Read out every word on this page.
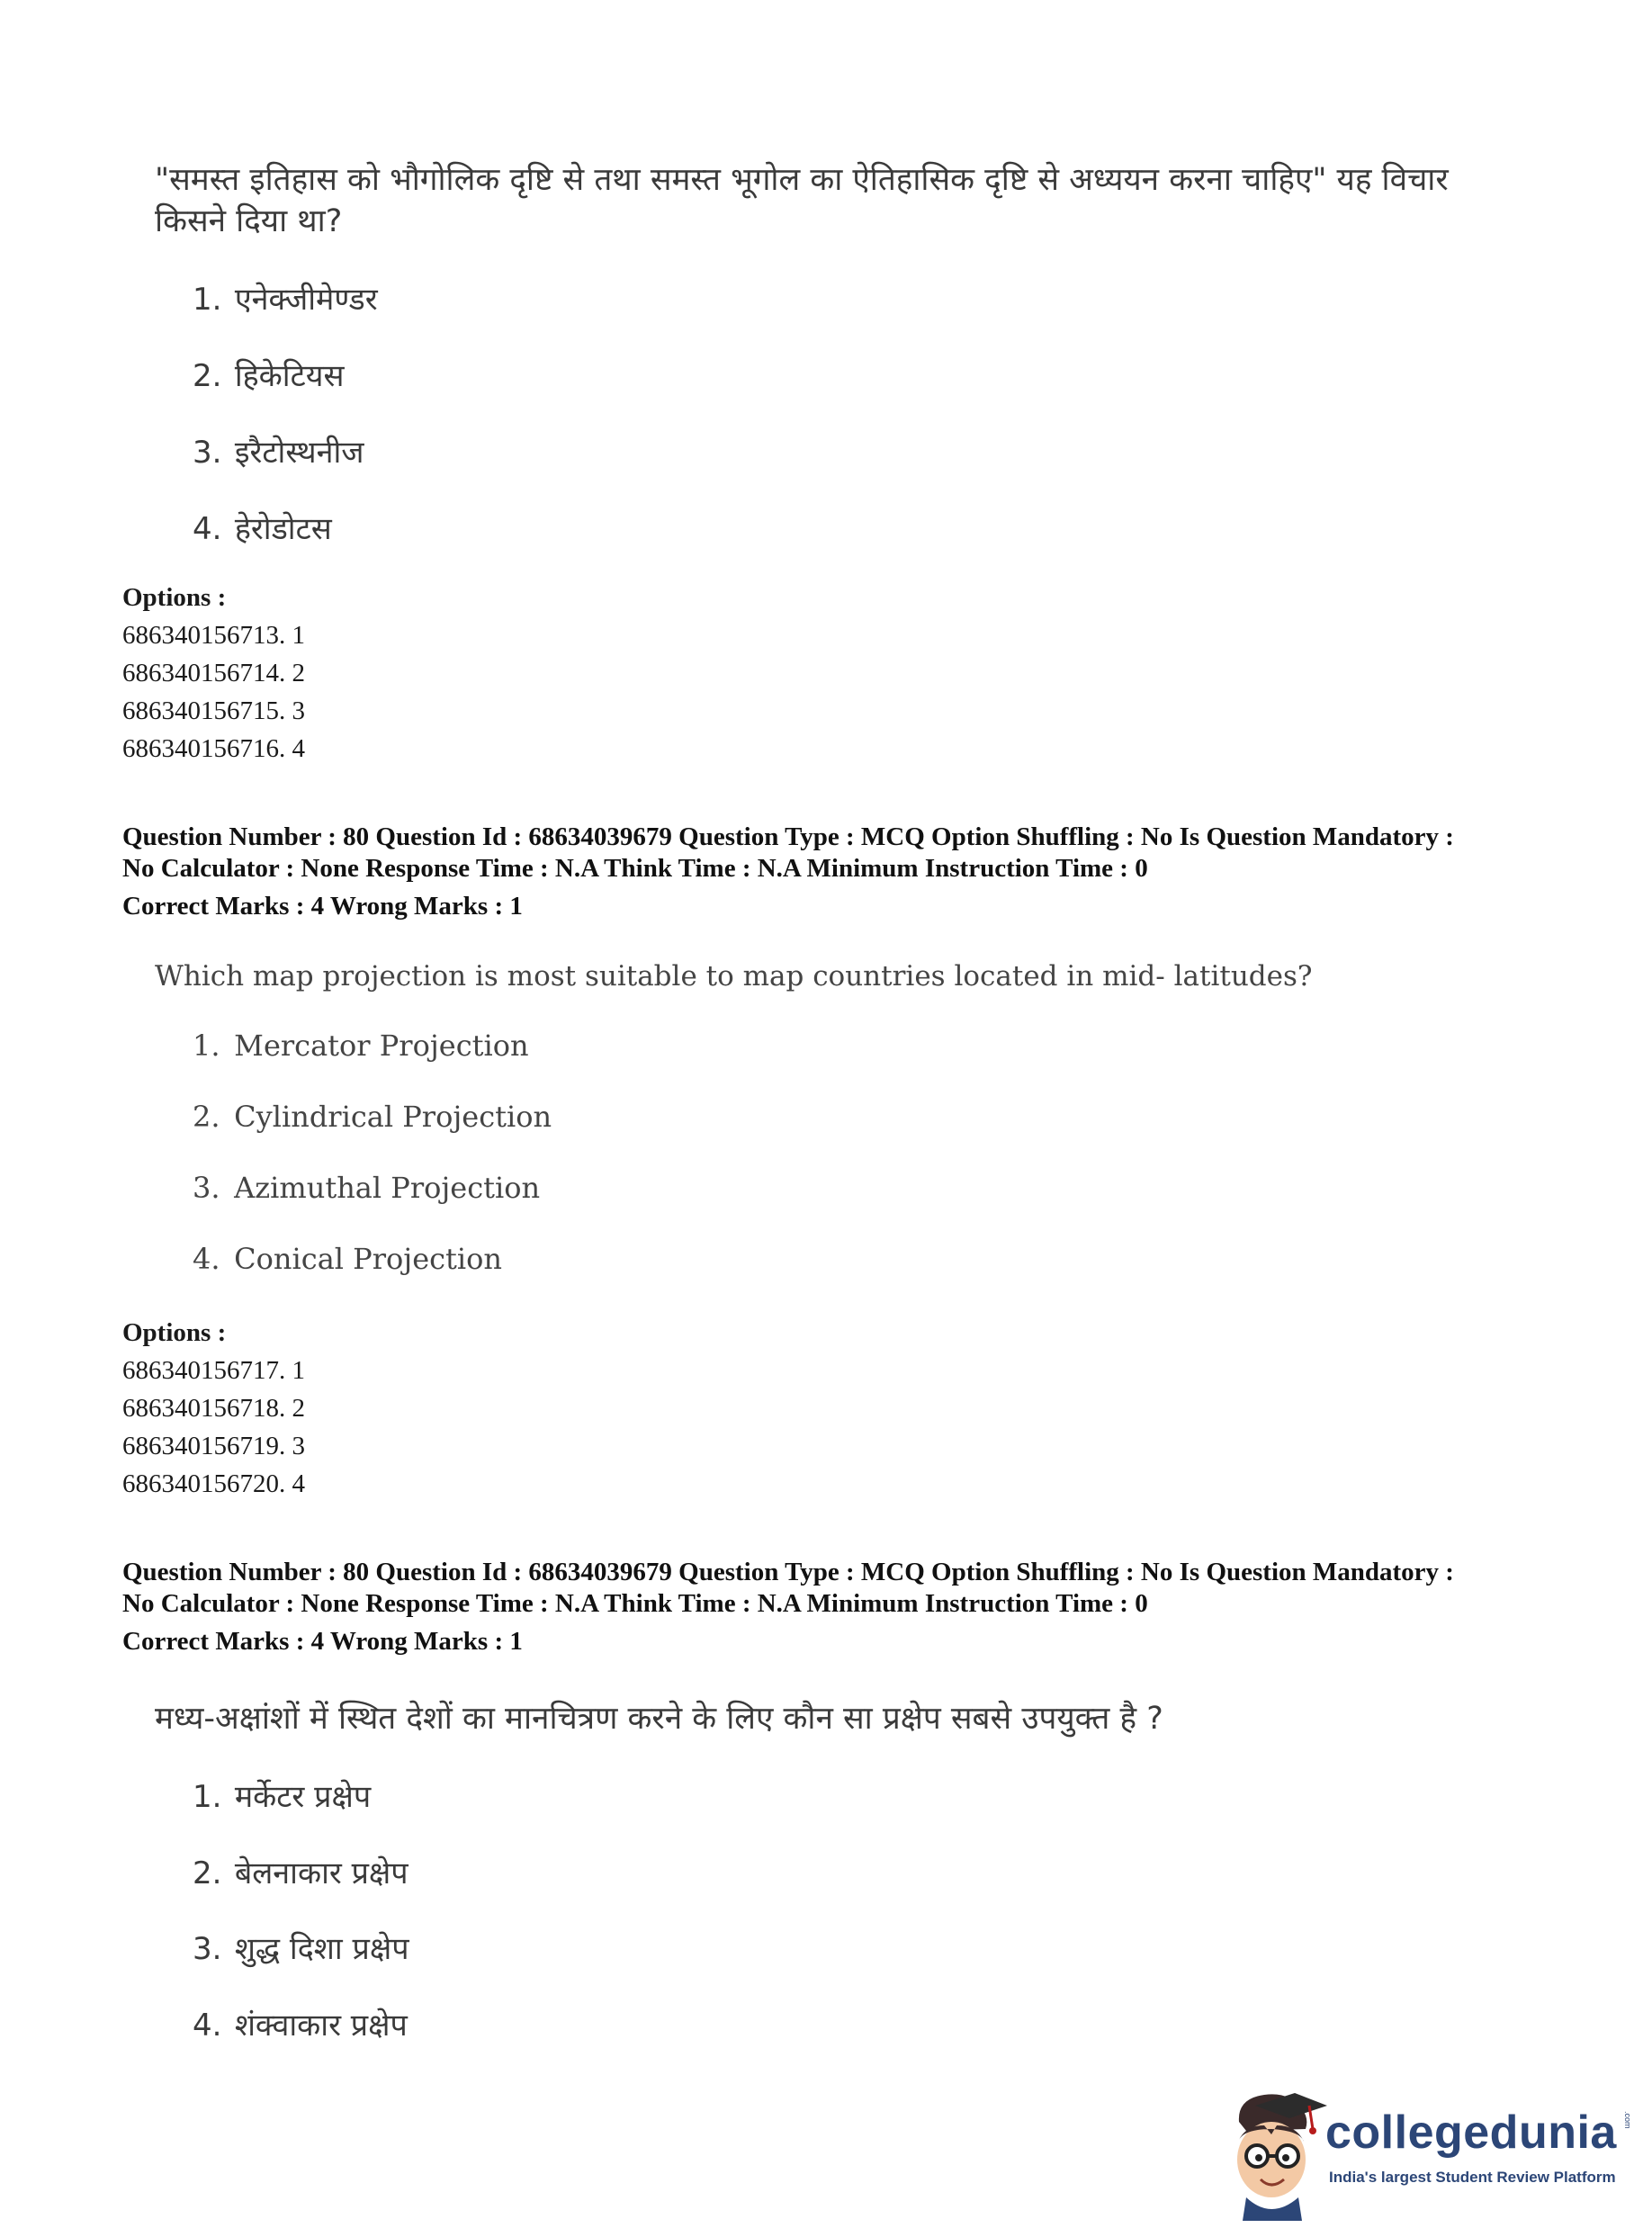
"समस्त इतिहास को भौगोलिक दृष्टि से तथा समस्त भूगोल का ऐतिहासिक दृष्टि से अध्ययन करना चाहिए" यह विचार
किसने दिया था?
1. एनेक्जीमेण्डर
2. हिकेटियस
3. इरैटोस्थनीज
4. हेरोडोटस
Options :
686340156713. 1
686340156714. 2
686340156715. 3
686340156716. 4
Question Number : 80 Question Id : 68634039679 Question Type : MCQ Option Shuffling : No Is Question Mandatory :
No Calculator : None Response Time : N.A Think Time : N.A Minimum Instruction Time : 0
Correct Marks : 4 Wrong Marks : 1
Which map projection is most suitable to map countries located in mid- latitudes?
1. Mercator Projection
2. Cylindrical Projection
3. Azimuthal Projection
4. Conical Projection
Options :
686340156717. 1
686340156718. 2
686340156719. 3
686340156720. 4
Question Number : 80 Question Id : 68634039679 Question Type : MCQ Option Shuffling : No Is Question Mandatory :
No Calculator : None Response Time : N.A Think Time : N.A Minimum Instruction Time : 0
Correct Marks : 4 Wrong Marks : 1
मध्य-अक्षांशों में स्थित देशों का मानचित्रण करने के लिए कौन सा प्रक्षेप सबसे उपयुक्त है ?
1. मर्केटर प्रक्षेप
2. बेलनाकार प्रक्षेप
3. शुद्ध दिशा प्रक्षेप
4. शंक्वाकार प्रक्षेप
collegedunia .com
India's largest Student Review Platform
